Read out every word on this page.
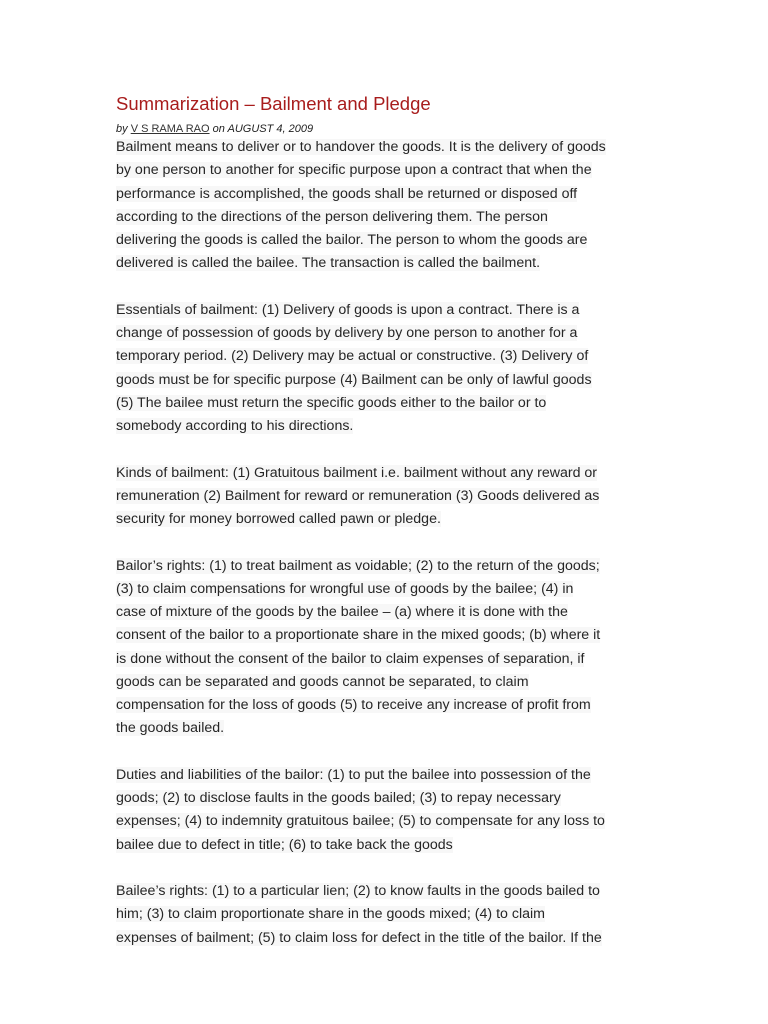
Summarization – Bailment and Pledge
by V S RAMA RAO on AUGUST 4, 2009

Bailment means to deliver or to handover the goods. It is the delivery of goods
by one person to another for specific purpose upon a contract that when the
performance is accomplished, the goods shall be returned or disposed off
according to the directions of the person delivering them. The person
delivering the goods is called the bailor. The person to whom the goods are
delivered is called the bailee. The transaction is called the bailment.

Essentials of bailment: (1) Delivery of goods is upon a contract. There is a
change of possession of goods by delivery by one person to another for a
temporary period. (2) Delivery may be actual or constructive. (3) Delivery of
goods must be for specific purpose (4) Bailment can be only of lawful goods
(5) The bailee must return the specific goods either to the bailor or to
somebody according to his directions.

Kinds of bailment: (1) Gratuitous bailment i.e. bailment without any reward or
remuneration (2) Bailment for reward or remuneration (3) Goods delivered as
security for money borrowed called pawn or pledge.

Bailor’s rights: (1) to treat bailment as voidable; (2) to the return of the goods;
(3) to claim compensations for wrongful use of goods by the bailee; (4) in
case of mixture of the goods by the bailee – (a) where it is done with the
consent of the bailor to a proportionate share in the mixed goods; (b) where it
is done without the consent of the bailor to claim expenses of separation, if
goods can be separated and goods cannot be separated, to claim
compensation for the loss of goods (5) to receive any increase of profit from
the goods bailed.

Duties and liabilities of the bailor: (1) to put the bailee into possession of the
goods; (2) to disclose faults in the goods bailed; (3) to repay necessary
expenses; (4) to indemnity gratuitous bailee; (5) to compensate for any loss to
bailee due to defect in title; (6) to take back the goods

Bailee’s rights: (1) to a particular lien; (2) to know faults in the goods bailed to
him; (3) to claim proportionate share in the goods mixed; (4) to claim
expenses of bailment; (5) to claim loss for defect in the title of the bailor. If the
